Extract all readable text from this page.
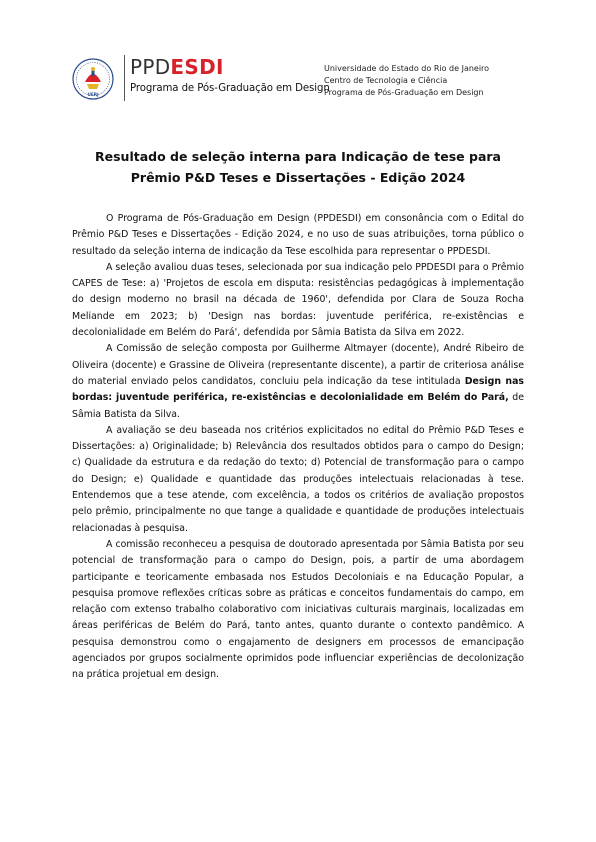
UERJ
PPDESDI
Programa de Pós-Graduação em Design
Universidade do Estado do Rio de Janeiro
Centro de Tecnologia e Ciência
Programa de Pós-Graduação em Design
Resultado de seleção interna para Indicação de tese para
Prêmio P&D Teses e Dissertações - Edição 2024

O Programa de Pós-Graduação em Design (PPDESDI) em consonância com o Edital do Prêmio P&D Teses e Dissertações - Edição 2024, e no uso de suas atribuições, torna público o resultado da seleção interna de indicação da Tese escolhida para representar o PPDESDI.

A seleção avaliou duas teses, selecionada por sua indicação pelo PPDESDI para o Prêmio CAPES de Tese: a) 'Projetos de escola em disputa: resistências pedagógicas à implementação do design moderno no brasil na década de 1960', defendida por Clara de Souza Rocha Meliande em 2023; b) 'Design nas bordas: juventude periférica, re-existências e decolonialidade em Belém do Pará', defendida por Sâmia Batista da Silva em 2022.

A Comissão de seleção composta por Guilherme Altmayer (docente), André Ribeiro de Oliveira (docente) e Grassine de Oliveira (representante discente), a partir de criteriosa análise do material enviado pelos candidatos, concluiu pela indicação da tese intitulada Design nas bordas: juventude periférica, re-existências e decolonialidade em Belém do Pará, de Sâmia Batista da Silva.

A avaliação se deu baseada nos critérios explicitados no edital do Prêmio P&D Teses e Dissertações: a) Originalidade; b) Relevância dos resultados obtidos para o campo do Design; c) Qualidade da estrutura e da redação do texto; d) Potencial de transformação para o campo do Design; e) Qualidade e quantidade das produções intelectuais relacionadas à tese. Entendemos que a tese atende, com excelência, a todos os critérios de avaliação propostos pelo prêmio, principalmente no que tange a qualidade e quantidade de produções intelectuais relacionadas à pesquisa.

A comissão reconheceu a pesquisa de doutorado apresentada por Sâmia Batista por seu potencial de transformação para o campo do Design, pois, a partir de uma abordagem participante e teoricamente embasada nos Estudos Decoloniais e na Educação Popular, a pesquisa promove reflexões críticas sobre as práticas e conceitos fundamentais do campo, em relação com extenso trabalho colaborativo com iniciativas culturais marginais, localizadas em áreas periféricas de Belém do Pará, tanto antes, quanto durante o contexto pandêmico. A pesquisa demonstrou como o engajamento de designers em processos de emancipação agenciados por grupos socialmente oprimidos pode influenciar experiências de decolonização na prática projetual em design.
